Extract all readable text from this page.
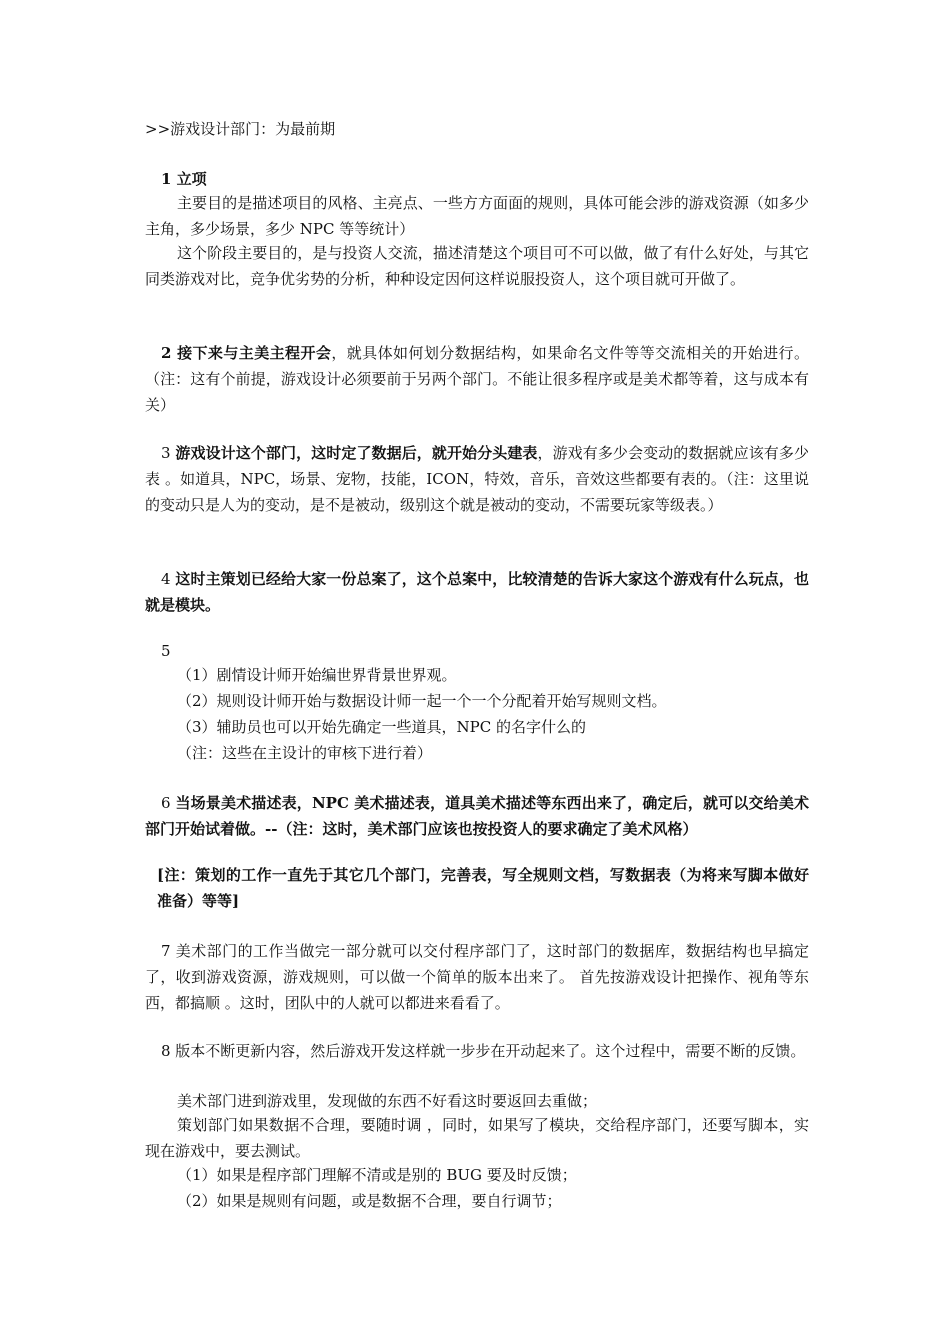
>>游戏设计部门：为最前期

1 立项

主要目的是描述项目的风格、主亮点、一些方方面面的规则，具体可能会涉的游戏资源（如多少主角，多少场景，多少 NPC 等等统计）

这个阶段主要目的，是与投资人交流，描述清楚这个项目可不可以做，做了有什么好处，与其它同类游戏对比，竞争优劣势的分析，种种设定因何这样说服投资人，这个项目就可开做了。

2 接下来与主美主程开会，就具体如何划分数据结构，如果命名文件等等交流相关的开始进行。（注：这有个前提，游戏设计必须要前于另两个部门。不能让很多程序或是美术都等着，这与成本有关）

3 游戏设计这个部门，这时定了数据后，就开始分头建表，游戏有多少会变动的数据就应该有多少表 。如道具，NPC，场景、宠物，技能，ICON，特效，音乐，音效这些都要有表的。（注：这里说的变动只是人为的变动，是不是被动，级别这个就是被动的变动，不需要玩家等级表。）

4 这时主策划已经给大家一份总案了，这个总案中，比较清楚的告诉大家这个游戏有什么玩点，也就是模块。

5

（1）剧情设计师开始编世界背景世界观。

（2）规则设计师开始与数据设计师一起一个一个分配着开始写规则文档。

（3）辅助员也可以开始先确定一些道具，NPC 的名字什么的

（注：这些在主设计的审核下进行着）

6 当场景美术描述表，NPC 美术描述表，道具美术描述等东西出来了，确定后，就可以交给美术部门开始试着做。--（注：这时，美术部门应该也按投资人的要求确定了美术风格）

[注：策划的工作一直先于其它几个部门，完善表，写全规则文档，写数据表（为将来写脚本做好准备）等等]

7 美术部门的工作当做完一部分就可以交付程序部门了，这时部门的数据库，数据结构也早搞定了，收到游戏资源，游戏规则，可以做一个简单的版本出来了。 首先按游戏设计把操作、视角等东西，都搞顺 。这时，团队中的人就可以都进来看看了。

8 版本不断更新内容，然后游戏开发这样就一步步在开动起来了。这个过程中，需要不断的反馈。

美术部门进到游戏里，发现做的东西不好看这时要返回去重做；

策划部门如果数据不合理，要随时调 ，同时，如果写了模块，交给程序部门，还要写脚本，实现在游戏中，要去测试。

（1）如果是程序部门理解不清或是别的 BUG 要及时反馈；

（2）如果是规则有问题，或是数据不合理，要自行调节；
